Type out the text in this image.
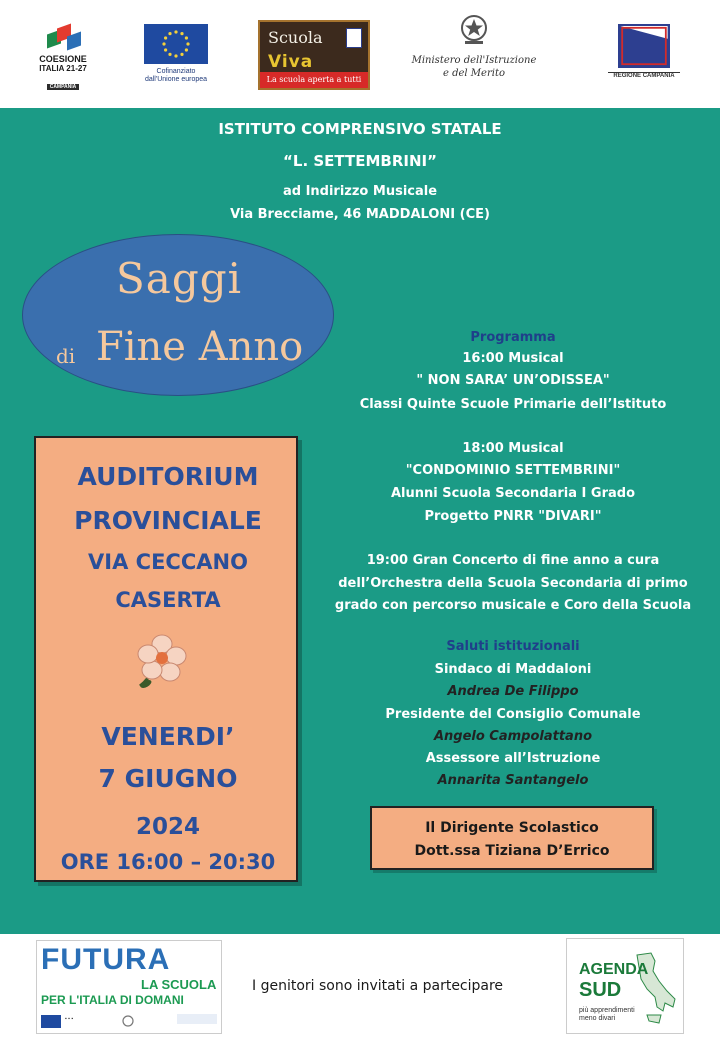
COESIONE
ITALIA 21-27
CAMPANIA
Cofinanziato
dall'Unione europea
Scuola
Viva
La scuola aperta a tutti
Ministero dell'Istruzione
e del Merito	REGIONE CAMPANIA
ISTITUTO COMPRENSIVO STATALE
“L. SETTEMBRINI”
ad Indirizzo Musicale
Via Brecciame, 46 MADDALONI (CE)
Saggi
di Fine Anno
AUDITORIUM
PROVINCIALE
VIA CECCANO
CASERTA
VENERDI’
7 GIUGNO
2024
ORE 16:00 – 20:30
Programma
16:00 Musical
" NON SARA’ UN’ODISSEA"
Classi Quinte Scuole Primarie dell’Istituto
18:00 Musical
"CONDOMINIO SETTEMBRINI"
Alunni Scuola Secondaria I Grado
Progetto PNRR "DIVARI"
19:00 Gran Concerto di fine anno a cura
dell’Orchestra della Scuola Secondaria di primo
grado con percorso musicale e Coro della Scuola
Saluti istituzionali
Sindaco di Maddaloni
Andrea De Filippo
Presidente del Consiglio Comunale
Angelo Campolattano
Assessore all’Istruzione
Annarita Santangelo
Il Dirigente Scolastico
Dott.ssa Tiziana D’Errico
FUTURA
LA SCUOLA
PER L'ITALIA DI DOMANI
▪ ▪ ▪
I genitori sono invitati a partecipare
AGENDA
SUD
più apprendimenti meno divari
